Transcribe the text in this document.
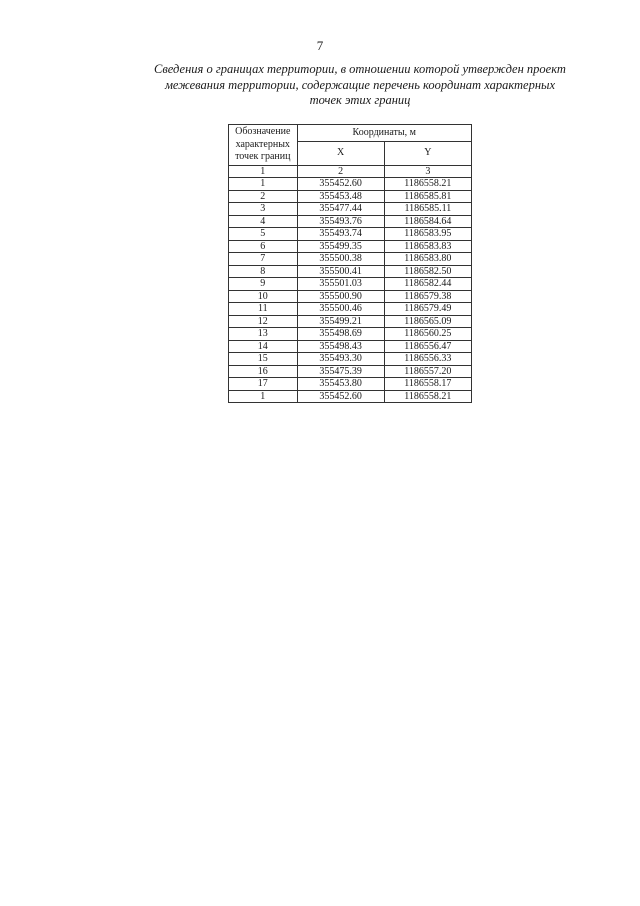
7
Сведения о границах территории, в отношении которой утвержден проект
межевания территории, содержащие перечень координат характерных
точек этих границ
Обозначение
характерных
точек границ	Координаты, м	
	X	Y
1	2	3
1	355452.60	1186558.21
2	355453.48	1186585.81
3	355477.44	1186585.11
4	355493.76	1186584.64
5	355493.74	1186583.95
6	355499.35	1186583.83
7	355500.38	1186583.80
8	355500.41	1186582.50
9	355501.03	1186582.44
10	355500.90	1186579.38
11	355500.46	1186579.49
12	355499.21	1186565.09
13	355498.69	1186560.25
14	355498.43	1186556.47
15	355493.30	1186556.33
16	355475.39	1186557.20
17	355453.80	1186558.17
1	355452.60	1186558.21
